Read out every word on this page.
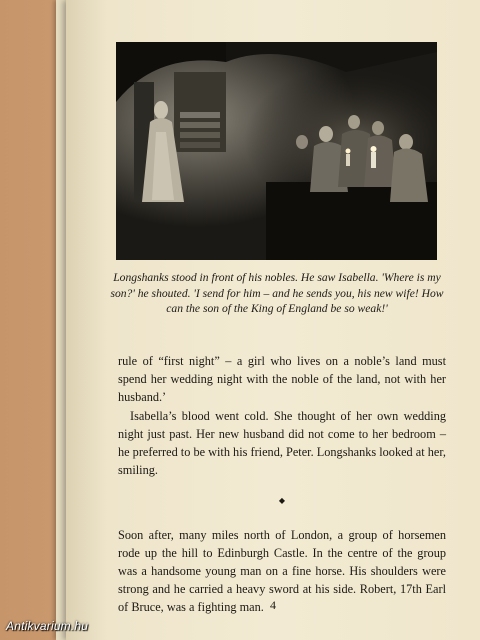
Longshanks stood in front of his nobles. He saw Isabella. 'Where is my son?' he shouted. 'I send for him – and he sends you, his new wife! How can the son of the King of England be so weak!'

rule of “first night” – a girl who lives on a noble’s land must spend her wedding night with the noble of the land, not with her husband.’

Isabella’s blood went cold. She thought of her own wedding night just past. Her new husband did not come to her bedroom – he preferred to be with his friend, Peter. Longshanks looked at her, smiling.

◆

Soon after, many miles north of London, a group of horsemen rode up the hill to Edinburgh Castle. In the centre of the group was a handsome young man on a fine horse. His shoulders were strong and he carried a heavy sword at his side. Robert, 17th Earl of Bruce, was a fighting man. 4
Antikvarium.hu
